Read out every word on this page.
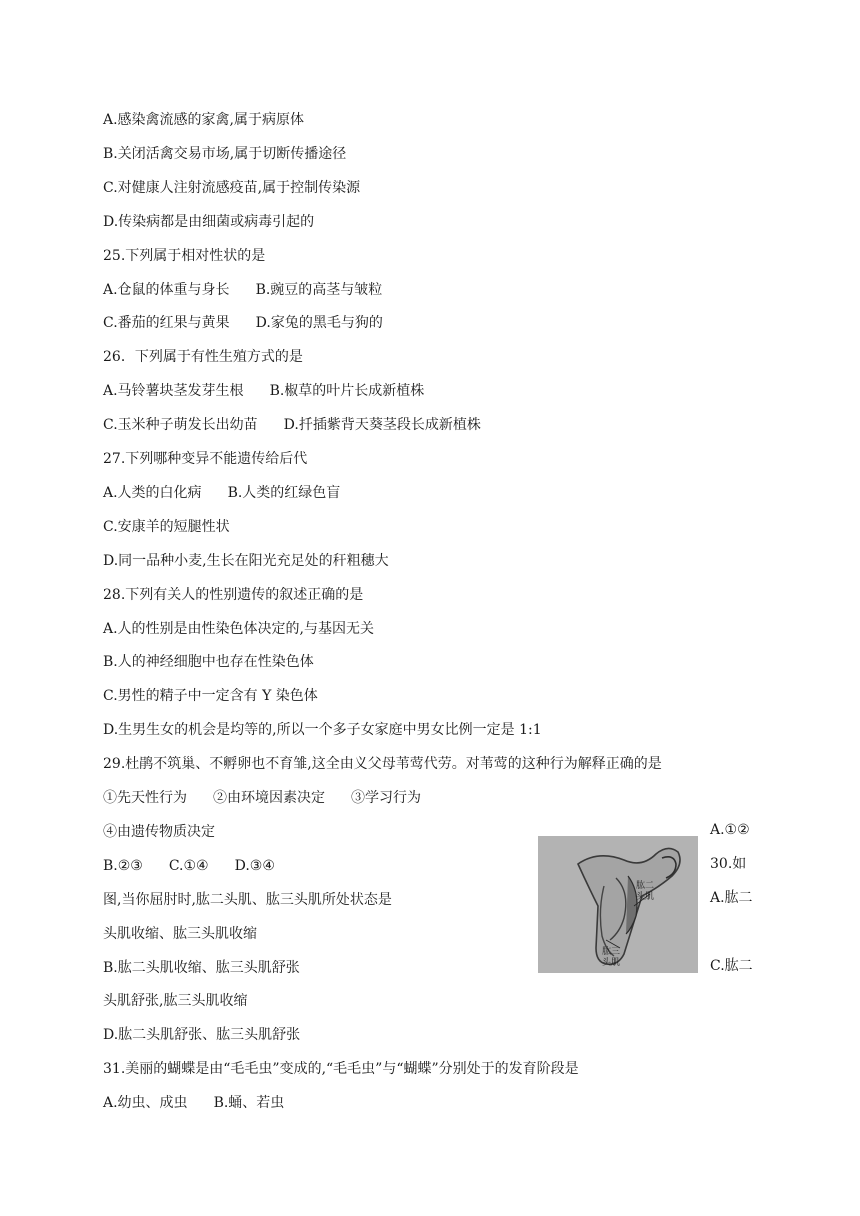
A.感染禽流感的家禽,属于病原体
B.关闭活禽交易市场,属于切断传播途径
C.对健康人注射流感疫苗,属于控制传染源
D.传染病都是由细菌或病毒引起的
25.下列属于相对性状的是
A.仓鼠的体重与身长 B.豌豆的高茎与皱粒
C.番茄的红果与黄果 D.家兔的黑毛与狗的
26．下列属于有性生殖方式的是
A.马铃薯块茎发芽生根 B.椒草的叶片长成新植株
C.玉米种子萌发长出幼苗 D.扦插紫背天葵茎段长成新植株
27.下列哪种变异不能遗传给后代
A.人类的白化病 B.人类的红绿色盲
C.安康羊的短腿性状
D.同一品种小麦,生长在阳光充足处的秆粗穗大
28.下列有关人的性别遗传的叙述正确的是
A.人的性别是由性染色体决定的,与基因无关
B.人的神经细胞中也存在性染色体
C.男性的精子中一定含有 Y 染色体
D.生男生女的机会是均等的,所以一个多子女家庭中男女比例一定是 1:1
29.杜鹃不筑巢、不孵卵也不育雏,这全由义父母苇莺代劳。对苇莺的这种行为解释正确的是
①先天性行为 ②由环境因素决定 ③学习行为
④由遗传物质决定
B.②③ C.①④ D.③④
图,当你屈肘时,肱二头肌、肱三头肌所处状态是
头肌收缩、肱三头肌收缩
B.肱二头肌收缩、肱三头肌舒张
头肌舒张,肱三头肌收缩
D.肱二头肌舒张、肱三头肌舒张
31.美丽的蝴蝶是由“毛毛虫”变成的,“毛毛虫”与“蝴蝶”分别处于的发育阶段是
A.幼虫、成虫 B.蛹、若虫
A.①②
30.如
A.肱二
C.肱二
肱二
头肌
肱三
头肌
